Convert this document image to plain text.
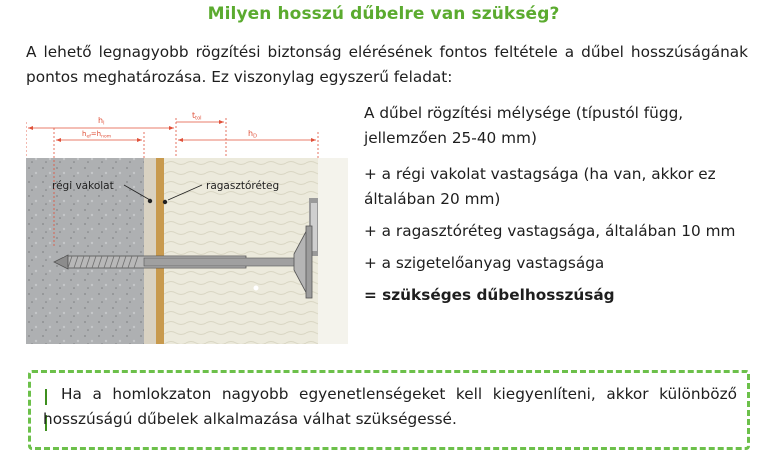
Milyen hosszú dűbelre van szükség?
A lehető legnagyobb rögzítési biztonság elérésének fontos feltétele a dűbel hosszúságának pontos meghatározása. Ez viszonylag egyszerű feladat:
hl
$h_{ef}=h_{nom}$
ttol
hD
régi vakolat	ragasztóréteg
A dűbel rögzítési mélysége (típustól függ, jellemzően 25-40 mm)
+ a régi vakolat vastagsága (ha van, akkor ez általában 20 mm)
+ a ragasztóréteg vastagsága, általában 10 mm
+ a szigetelőanyag vastagsága
= szükséges dűbelhosszúság
Ha a homlokzaton nagyobb egyenetlenségeket kell kiegyenlíteni, akkor különböző hosszúságú dűbelek alkalmazása válhat szükségessé.
